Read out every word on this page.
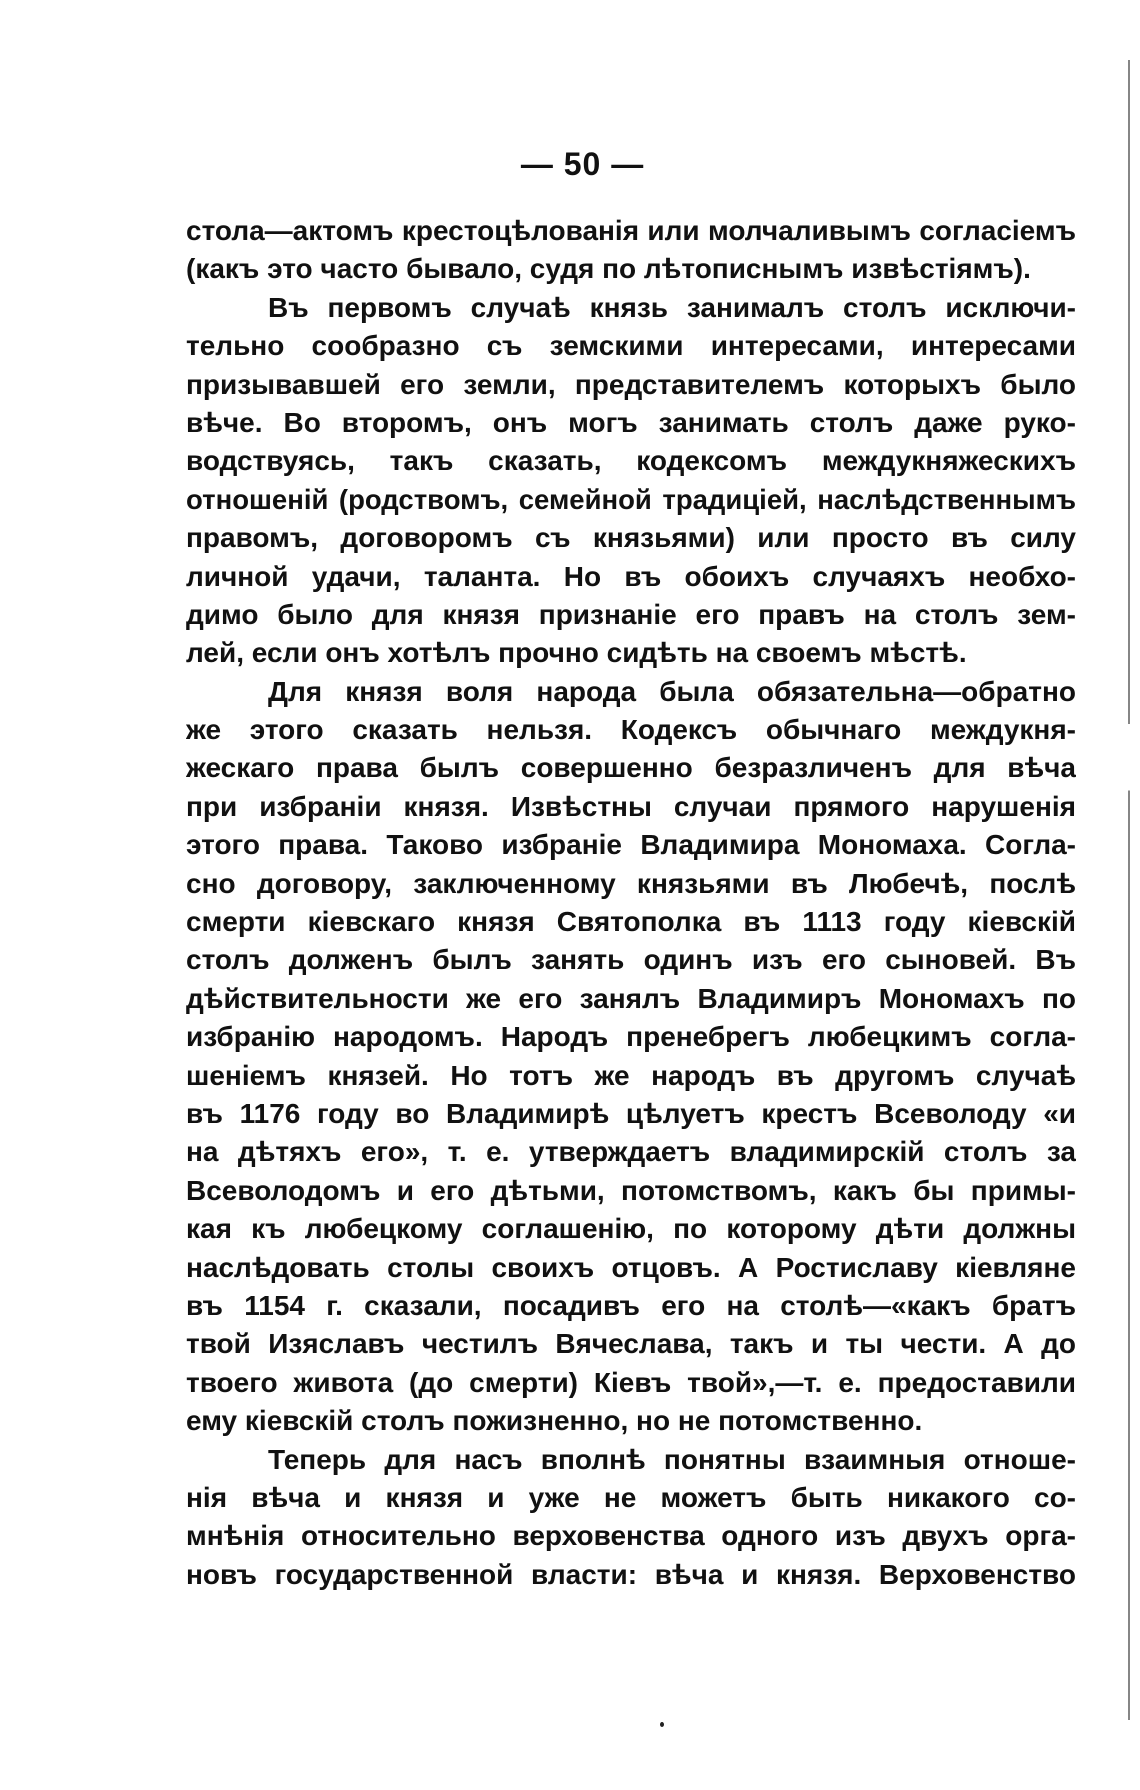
— 50 —
стола—актомъ крестоцѣлованія или молчаливымъ согласіемъ
(какъ это часто бывало, судя по лѣтописнымъ извѣстіямъ).
Въ первомъ случаѣ князь занималъ столъ исключи-
тельно сообразно съ земскими интересами, интересами
призывавшей его земли, представителемъ которыхъ было
вѣче. Во второмъ, онъ могъ занимать столъ даже руко-
водствуясь, такъ сказать, кодексомъ междукняжескихъ
отношеній (родствомъ, семейной традиціей, наслѣдственнымъ
правомъ, договоромъ съ князьями) или просто въ силу
личной удачи, таланта. Но въ обоихъ случаяхъ необхо-
димо было для князя признаніе его правъ на столъ зем-
лей, если онъ хотѣлъ прочно сидѣть на своемъ мѣстѣ.
Для князя воля народа была обязательна—обратно
же этого сказать нельзя. Кодексъ обычнаго междукня-
жескаго права былъ совершенно безразличенъ для вѣча
при избраніи князя. Извѣстны случаи прямого нарушенія
этого права. Таково избраніе Владимира Мономаха. Согла-
сно договору, заключенному князьями въ Любечѣ, послѣ
смерти кіевскаго князя Святополка въ 1113 году кіевскій
столъ долженъ былъ занять одинъ изъ его сыновей. Въ
дѣйствительности же его занялъ Владимиръ Мономахъ по
избранію народомъ. Народъ пренебрегъ любецкимъ согла-
шеніемъ князей. Но тотъ же народъ въ другомъ случаѣ
въ 1176 году во Владимирѣ цѣлуетъ крестъ Всеволоду «и
на дѣтяхъ его», т. е. утверждаетъ владимирскій столъ за
Всеволодомъ и его дѣтьми, потомствомъ, какъ бы примы-
кая къ любецкому соглашенію, по которому дѣти должны
наслѣдовать столы своихъ отцовъ. А Ростиславу кіевляне
въ 1154 г. сказали, посадивъ его на столѣ—«какъ братъ
твой Изяславъ честилъ Вячеслава, такъ и ты чести. А до
твоего живота (до смерти) Кіевъ твой»,—т. е. предоставили
ему кіевскій столъ пожизненно, но не потомственно.
Теперь для насъ вполнѣ понятны взаимныя отноше-
нія вѣча и князя и уже не можетъ быть никакого со-
мнѣнія относительно верховенства одного изъ двухъ орга-
новъ государственной власти: вѣча и князя. Верховенство
